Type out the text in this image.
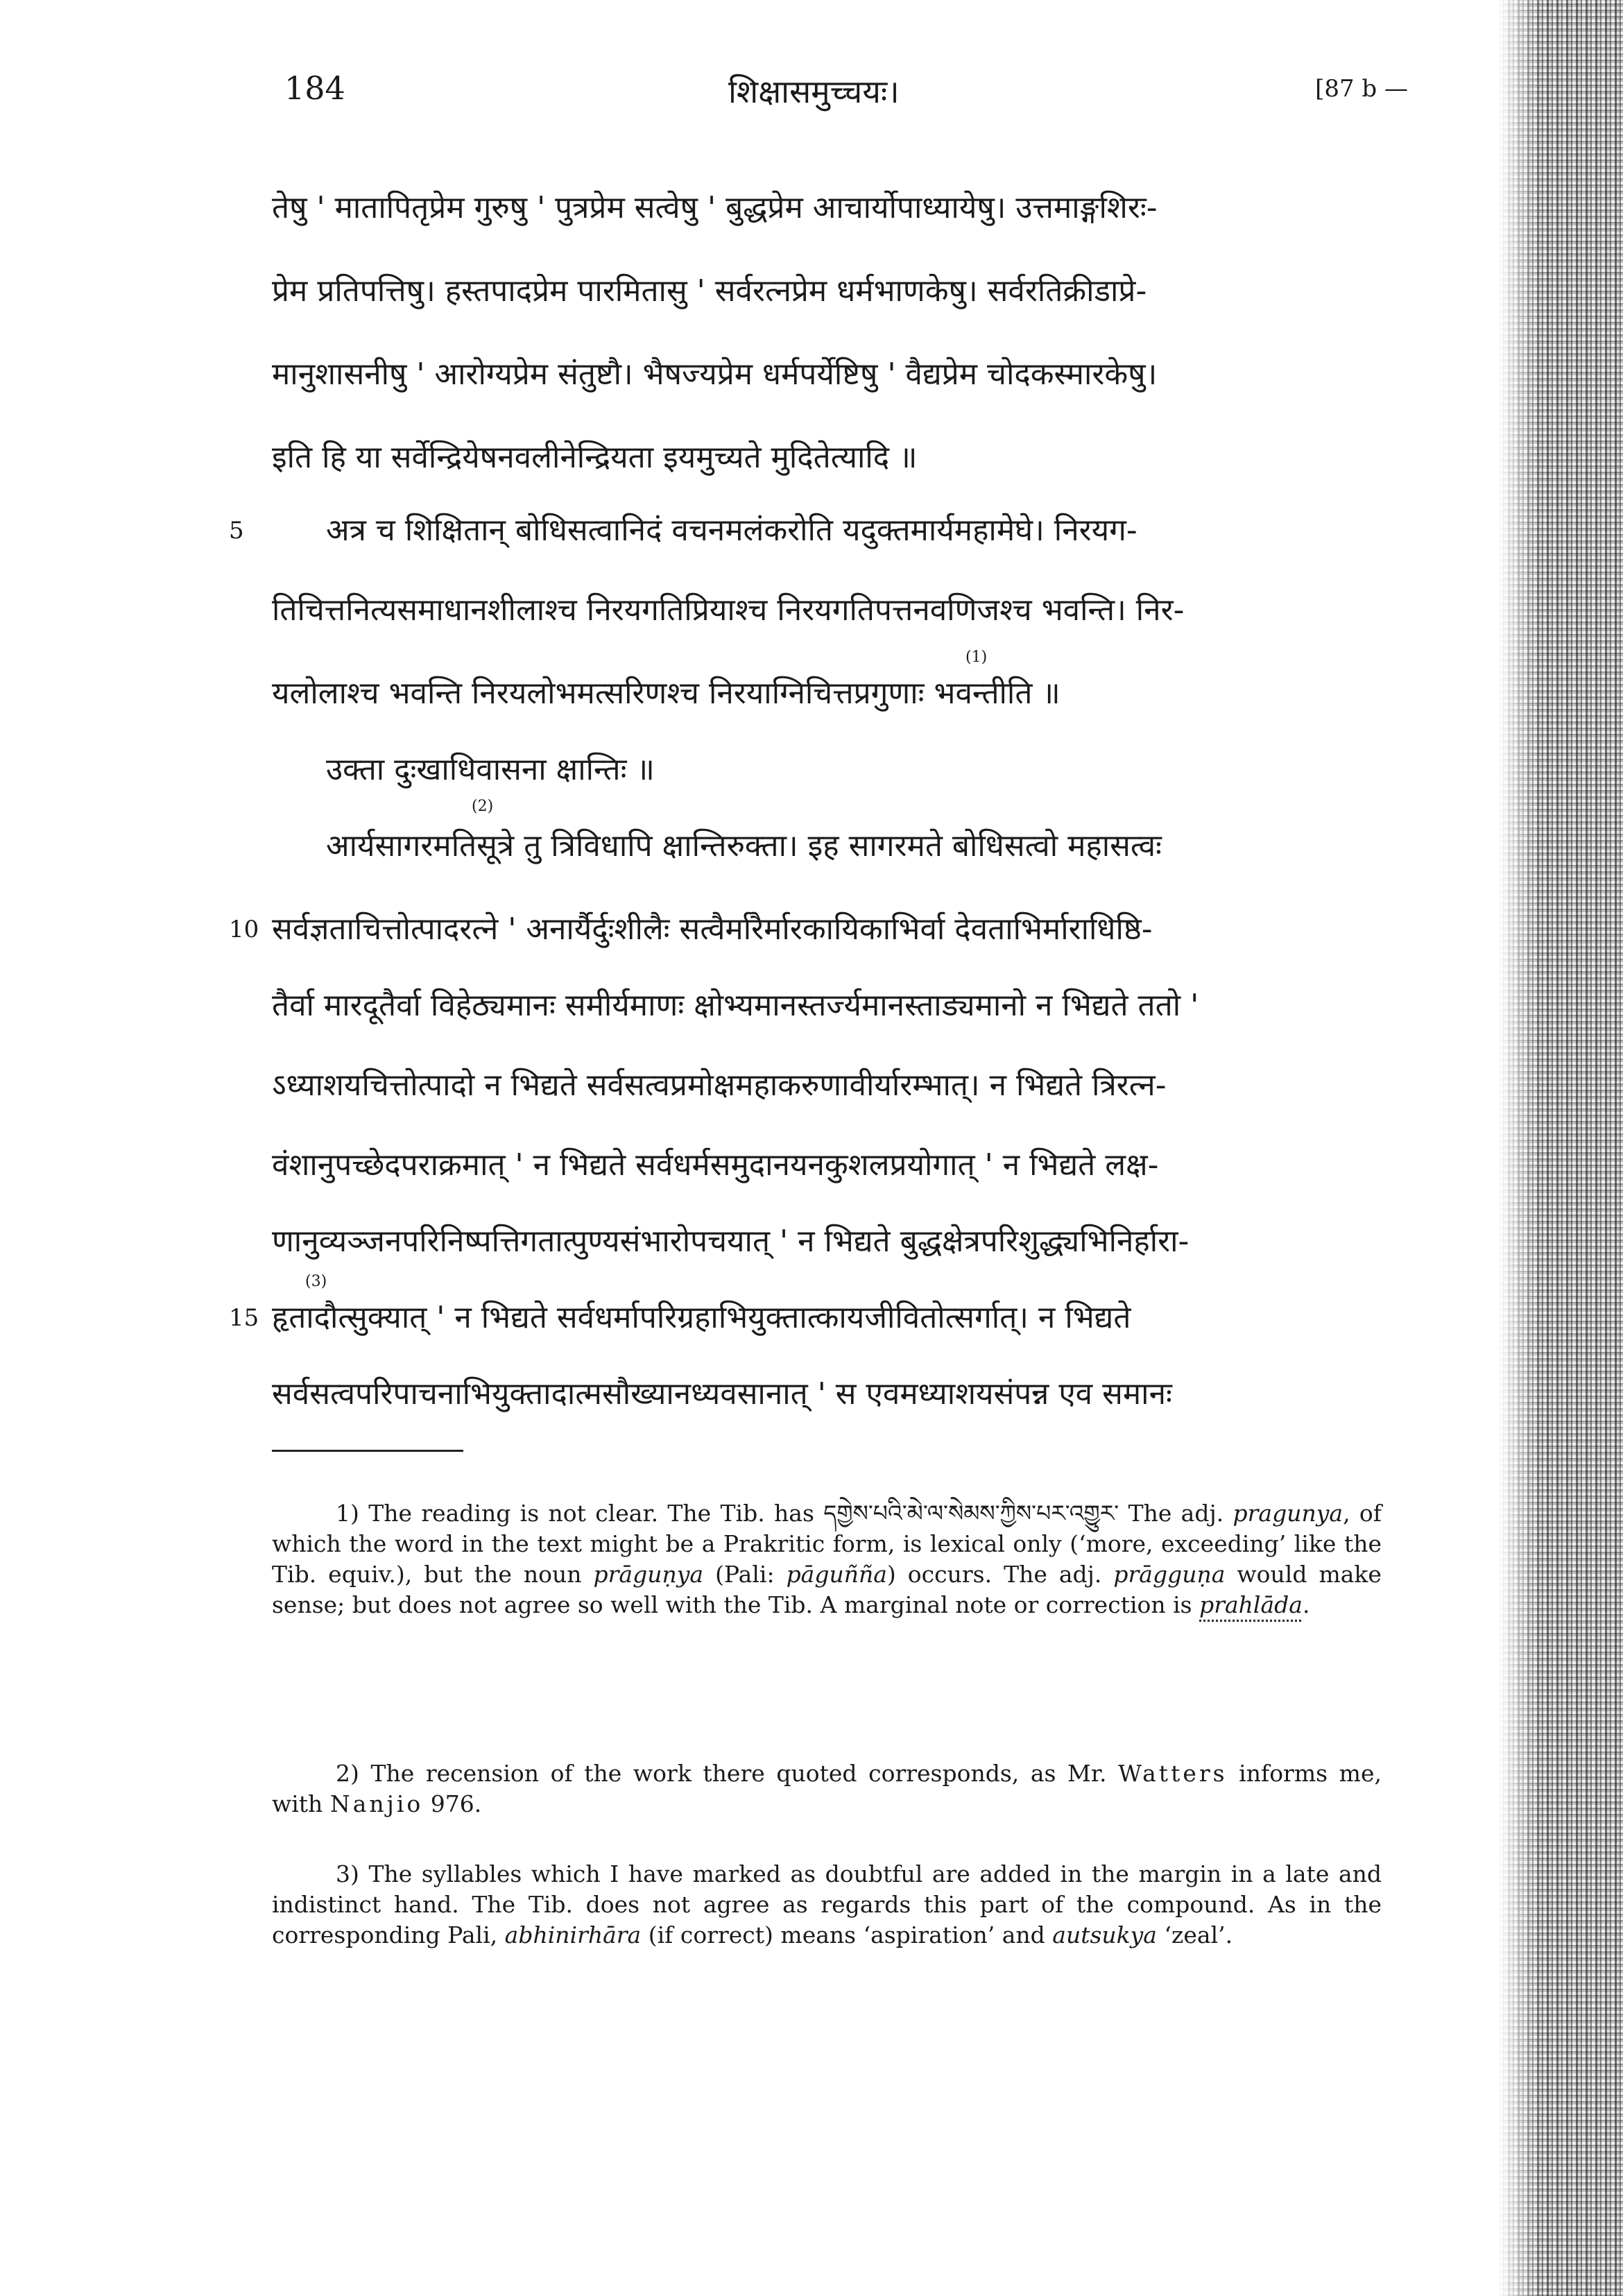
184	शिक्षासमुच्चयः।	[87 b —
तेषु ' मातापितृप्रेम गुरुषु ' पुत्रप्रेम सत्वेषु ' बुद्धप्रेम आचार्योपाध्यायेषु। उत्तमाङ्गशिरः-
प्रेम प्रतिपत्तिषु। हस्तपादप्रेम पारमितासु ' सर्वरत्नप्रेम धर्मभाणकेषु। सर्वरतिक्रीडाप्रे-
मानुशासनीषु ' आरोग्यप्रेम संतुष्टौ। भैषज्यप्रेम धर्मपर्येष्टिषु ' वैद्यप्रेम चोदकस्मारकेषु।
इति हि या सर्वेन्द्रियेषनवलीनेन्द्रियता इयमुच्यते मुदितेत्यादि ॥
5	अत्र च शिक्षितान् बोधिसत्वानिदं वचनमलंकरोति यदुक्तमार्यमहामेघे। निरयग-
तिचित्तनित्यसमाधानशीलाश्च निरयगतिप्रियाश्च निरयगतिपत्तनवणिजश्च भवन्ति। निर-
(1)
यलोलाश्च भवन्ति निरयलोभमत्सरिणश्च निरयाग्निचित्तप्रगुणाः भवन्तीति ॥
उक्ता दुःखाधिवासना क्षान्तिः ॥
(2)
आर्यसागरमतिसूत्रे तु त्रिविधापि क्षान्तिरुक्ता। इह सागरमते बोधिसत्वो महासत्वः
10 सर्वज्ञताचित्तोत्पादरत्ने ' अनार्यैर्दुःशीलैः सत्वैर्मारैर्मारकायिकाभिर्वा देवताभिर्माराधिष्ठि-
तैर्वा मारदूतैर्वा विहेठ्यमानः समीर्यमाणः क्षोभ्यमानस्तर्ज्यमानस्ताड्यमानो न भिद्यते ततो '
ऽध्याशयचित्तोत्पादो न भिद्यते सर्वसत्वप्रमोक्षमहाकरुणावीर्यारम्भात्। न भिद्यते त्रिरत्न-
वंशानुपच्छेदपराक्रमात् ' न भिद्यते सर्वधर्मसमुदानयनकुशलप्रयोगात् ' न भिद्यते लक्ष-
णानुव्यञ्जनपरिनिष्पत्तिगतात्पुण्यसंभारोपचयात् ' न भिद्यते बुद्धक्षेत्रपरिशुद्ध्यभिनिर्हारा-
(3)
15 हृतादौत्सुक्यात् ' न भिद्यते सर्वधर्मापरिग्रहाभियुक्तात्कायजीवितोत्सर्गात्। न भिद्यते
सर्वसत्वपरिपाचनाभियुक्तादात्मसौख्यानध्यवसानात् ' स एवमध्याशयसंपन्न एव समानः

1) The reading is not clear. The Tib. has དགྱེས་པའི་མེ་ལ་སེམས་ཀྱིས་པར་འགྱུར་ The adj. pragunya, of which the word in the text might be a Prakritic form, is lexical only (‘more, exceeding’ like the Tib. equiv.), but the noun prāguṇya (Pali: pāguñña) occurs. The adj. prāgguṇa would make sense; but does not agree so well with the Tib. A marginal note or correction is prahlāda.

2) The recension of the work there quoted corresponds, as Mr. Watters informs me, with Nanjio 976.

3) The syllables which I have marked as doubtful are added in the margin in a late and indistinct hand. The Tib. does not agree as regards this part of the compound. As in the corresponding Pali, abhinirhāra (if correct) means ‘aspiration’ and autsukya ‘zeal’.
